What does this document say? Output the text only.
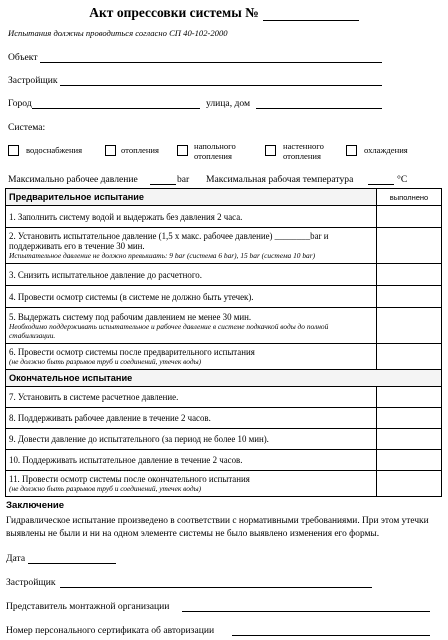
Акт опрессовки системы №
Испытания должны проводиться согласно СП 40-102-2000
Объект
Застройщик
Город	улица, дом
Система:
водоснабжения	отопления	напольного отопления
настенного отопления
охлаждения
Максимально рабочее давление	bar Максимальная рабочая температура	°C
Предварительное испытание	выполнено
1. Заполнить систему водой и выдержать без давления 2 часа.	
2. Установить испытательное давление (1,5 x макс. рабочее давление) ________bar и поддерживать его в течение 30 мин.
Испытательное давление не должно превышать: 9 bar (система 6 bar), 15 bar (система 10 bar)	

3. Снизить испытательное давление до расчетного.	
4. Провести осмотр системы (в системе не должно быть утечек).	
5. Выдержать систему под рабочим давлением не менее 30 мин.
Необходимо поддерживать испытательное и рабочее давление в системе подкачкой воды до полной стабилизации.	

6. Провести осмотр системы после предварительного испытания
(не должно быть разрывов труб и соединений, утечек воды)	

Окончательное испытание	
7. Установить в системе расчетное давление.	
8. Поддерживать рабочее давление в течение 2 часов.	
9. Довести давление до испытательного (за период не более 10 мин).	
10. Поддерживать испытательное давление в течение 2 часов.	
11. Провести осмотр системы после окончательного испытания
(не должно быть разрывов труб и соединений, утечек воды)	

Заключение
Гидравлическое испытание произведено в соответствии с нормативными требованиями. При этом утечки выявлены не были и ни на одном элементе системы не было выявлено изменения его формы.
Дата
Застройщик
Представитель монтажной организации
Номер персонального сертификата об авторизации
